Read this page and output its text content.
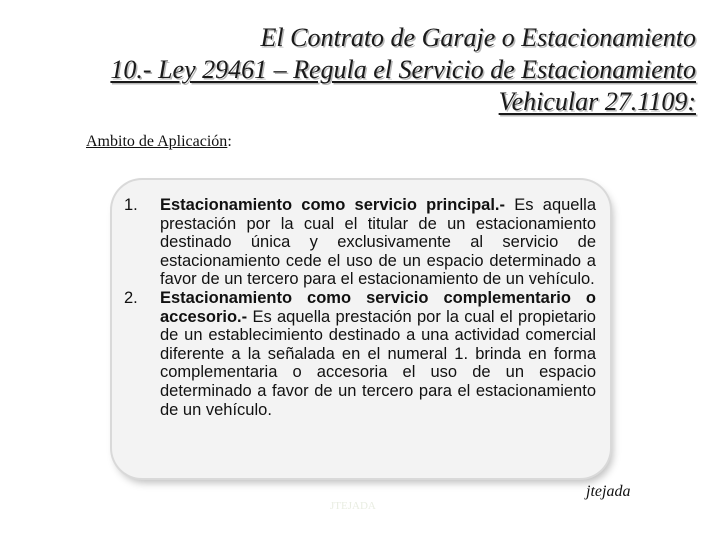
El Contrato de Garaje o Estacionamiento
10.- Ley 29461 – Regula el Servicio de Estacionamiento
Vehicular 27.1109:
Ambito de Aplicación:
1.	Estacionamiento como servicio principal.- Es aquella prestación por la cual el titular de un estacionamiento destinado única y exclusivamente al servicio de estacionamiento cede el uso de un espacio determinado a favor de un tercero para el estacionamiento de un vehículo.
2.	Estacionamiento como servicio complementario o accesorio.- Es aquella prestación por la cual el propietario de un establecimiento destinado a una actividad comercial diferente a la señalada en el numeral 1. brinda en forma complementaria o accesoria el uso de un espacio determinado a favor de un tercero para el estacionamiento de un vehículo.
JTEJADA
jtejada
